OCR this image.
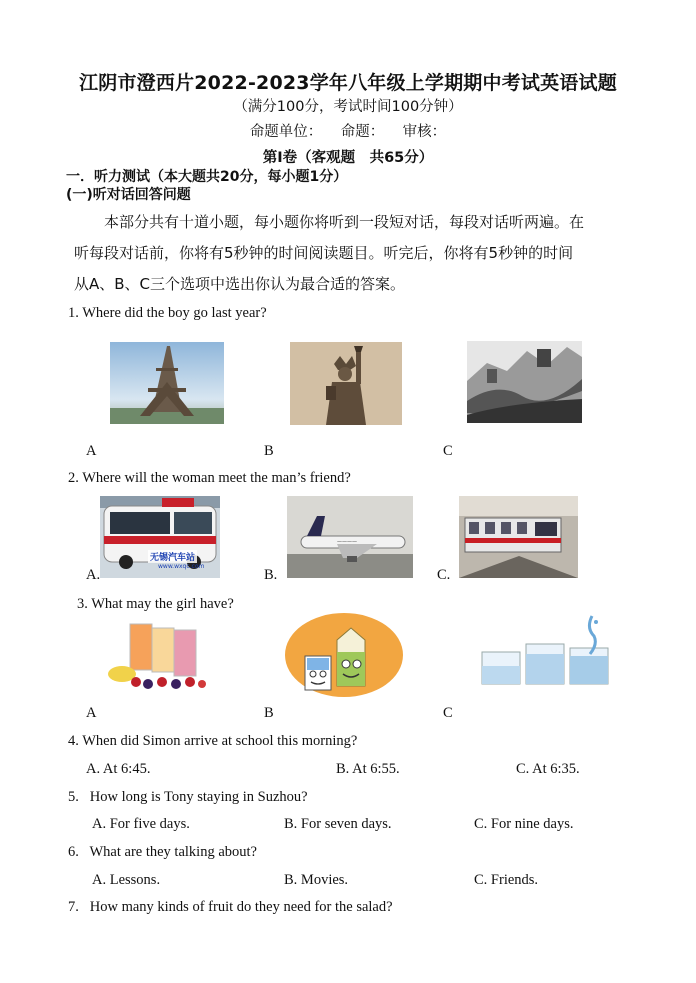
江阴市澄西片2022-2023学年八年级上学期期中考试英语试题
（满分100分，考试时间100分钟）
命题单位：    命题：    审核：
第I卷（客观题　共65分）
一．听力测试（本大题共20分，每小题1分）
(一)听对话回答问题
本部分共有十道小题，每小题你将听到一段短对话，每段对话听两遍。在
听每段对话前，你将有5秒钟的时间阅读题目。听完后，你将有5秒钟的时间
从A、B、C三个选项中选出你认为最合适的答案。
1. Where did the boy go last year?
A	B	C
2. Where will the woman meet the man’s friend?
A.
无锡汽车站
www.wxqc.com
B.
————
C.
3. What may the girl have?
A	B	C
4. When did Simon arrive at school this morning?
A. At 6:45.	B. At 6:55.	C. At 6:35.
5.   How long is Tony staying in Suzhou?
A. For five days.	B. For seven days.	C. For nine days.
6.   What are they talking about?
A. Lessons.	B. Movies.	C. Friends.
7.   How many kinds of fruit do they need for the salad?
